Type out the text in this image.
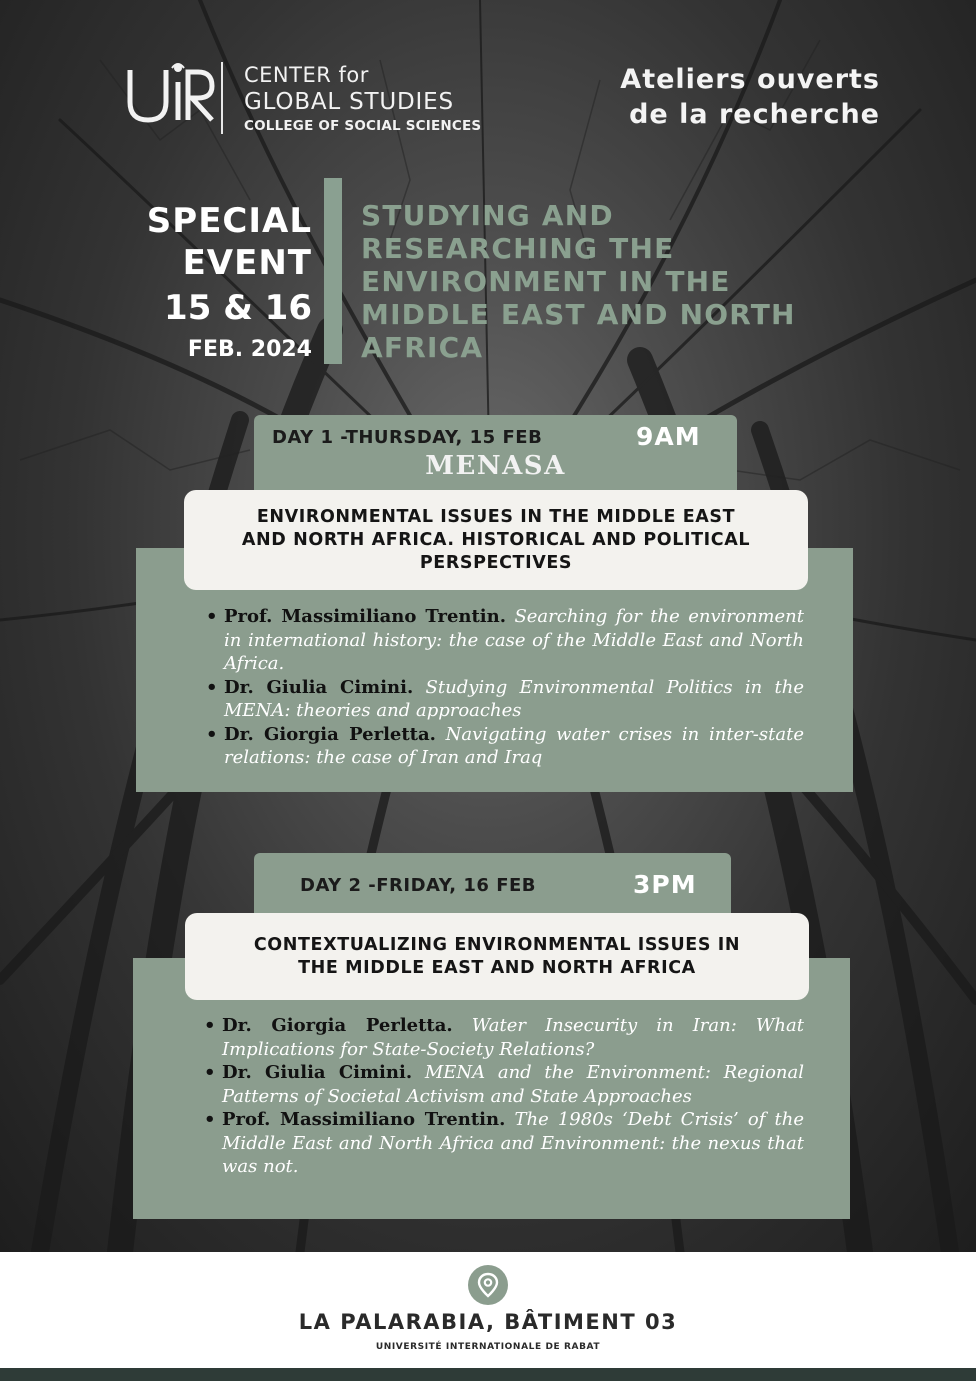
CENTER for
GLOBAL STUDIES
COLLEGE OF SOCIAL SCIENCES
Ateliers ouverts
de la recherche
SPECIAL
EVENT
15 & 16
FEB. 2024
STUDYING AND
RESEARCHING THE
ENVIRONMENT IN THE
MIDDLE EAST AND NORTH
AFRICA
DAY 1 -THURSDAY, 15 FEB	9AM
MENASA
ENVIRONMENTAL ISSUES IN THE MIDDLE EAST
AND NORTH AFRICA. HISTORICAL AND POLITICAL
PERSPECTIVES
• Prof. Massimiliano Trentin. Searching for the environment in international history: the case of the Middle East and North Africa.
• Dr. Giulia Cimini. Studying Environmental Politics in the MENA: theories and approaches
• Dr. Giorgia Perletta. Navigating water crises in inter-state relations: the case of Iran and Iraq
DAY 2 -FRIDAY, 16 FEB	3PM
CONTEXTUALIZING ENVIRONMENTAL ISSUES IN
THE MIDDLE EAST AND NORTH AFRICA
• Dr. Giorgia Perletta. Water Insecurity in Iran: What Implications for State-Society Relations?
• Dr. Giulia Cimini. MENA and the Environment: Regional Patterns of Societal Activism and State Approaches
• Prof. Massimiliano Trentin. The 1980s ‘Debt Crisis’ of the Middle East and North Africa and Environment: the nexus that was not.
LA PALARABIA, BÂTIMENT 03
UNIVERSITÉ INTERNATIONALE DE RABAT
